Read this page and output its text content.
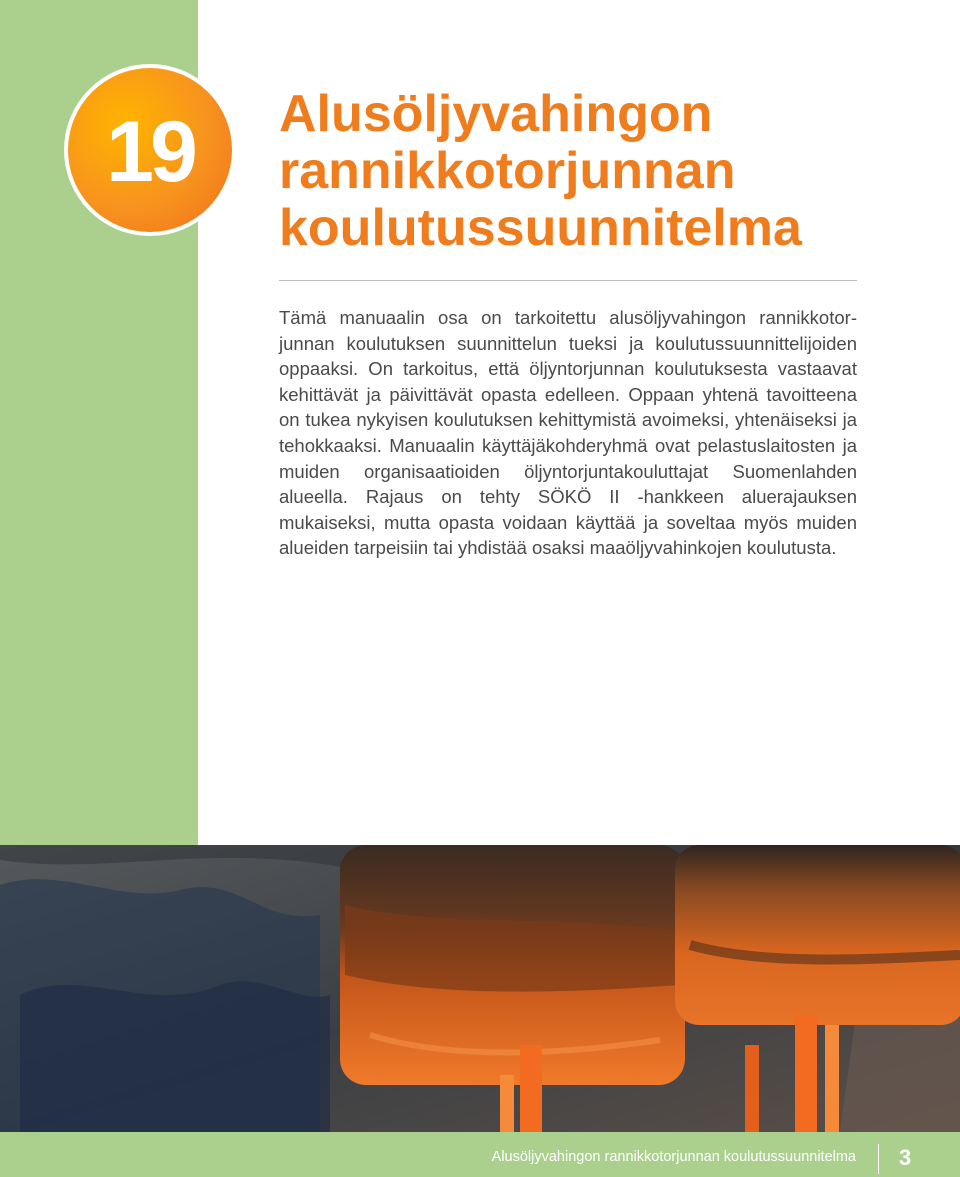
19 Alusöljyvahingon
rannikkotorjunnan
koulutussuunnitelma

Tämä manuaalin osa on tarkoitettu alusöljyvahingon rannikkotorjunnan koulutuksen suunnittelun tueksi ja koulutussuunnittelijoiden oppaaksi. On tarkoitus, että öljyntorjunnan koulutuksesta vastaavat kehittävät ja päivittävät opasta edelleen. Oppaan yhtenä tavoitteena on tukea nykyisen koulutuksen kehittymistä avoimeksi, yhtenäiseksi ja tehokkaaksi. Manuaalin käyttäjäkohderyhmä ovat pelastuslaitosten ja muiden organisaatioiden öljyntorjuntakouluttajat Suomenlahden alueella. Rajaus on tehty SÖKÖ II -hankkeen aluerajauksen mukaiseksi, mutta opasta voidaan käyttää ja soveltaa myös muiden alueiden tarpeisiin tai yhdistää osaksi maaöljyvahinkojen koulutusta.

Alusöljyvahingon rannikkotorjunnan koulutussuunnitelma 3
